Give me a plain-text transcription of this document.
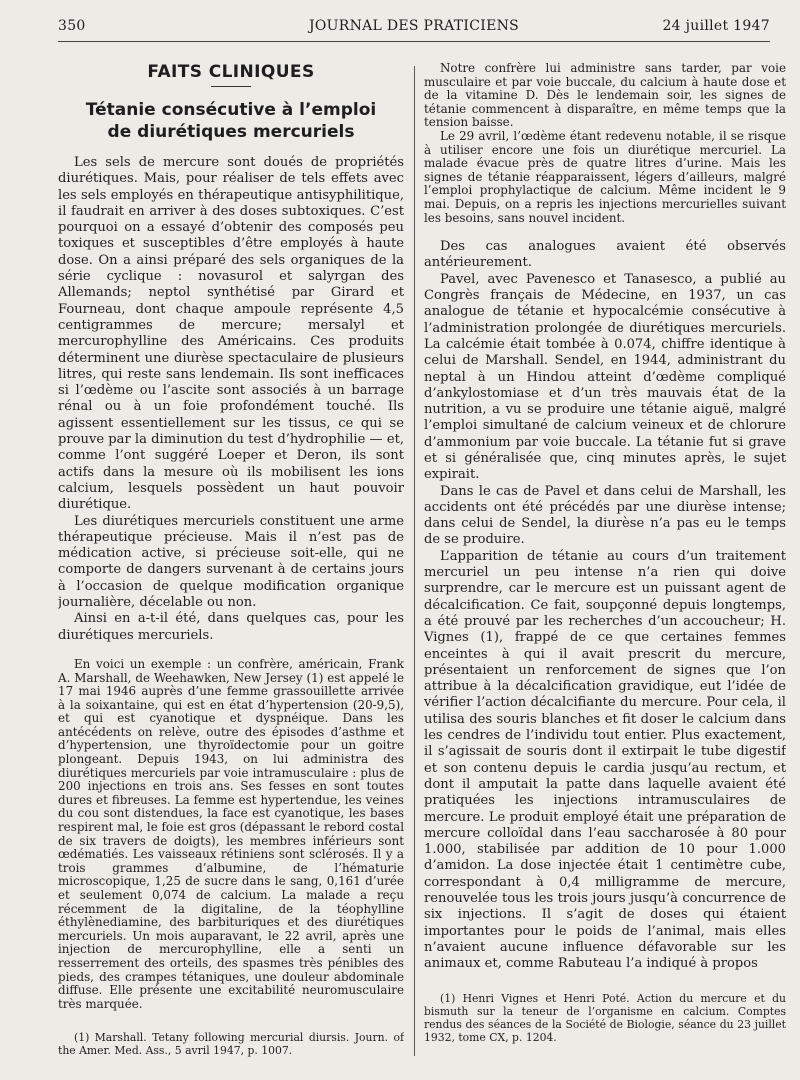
350	JOURNAL DES PRATICIENS	24 juillet 1947
FAITS CLINIQUES
Tétanie consécutive à l’emploi
de diurétiques mercuriels

Les sels de mercure sont doués de propriétés diurétiques. Mais, pour réaliser de tels effets avec les sels employés en thérapeutique antisyphilitique, il faudrait en arriver à des doses subtoxiques. C’est pourquoi on a essayé d’obtenir des composés peu toxiques et susceptibles d’être employés à haute dose. On a ainsi préparé des sels organiques de la série cyclique : novasurol et salyrgan des Allemands; neptol synthétisé par Girard et Fourneau, dont chaque ampoule représente 4,5 centigrammes de mercure; mersalyl et mercurophylline des Américains. Ces produits déterminent une diurèse spectaculaire de plusieurs litres, qui reste sans lendemain. Ils sont inefficaces si l’œdème ou l’ascite sont associés à un barrage rénal ou à un foie profondément touché. Ils agissent essentiellement sur les tissus, ce qui se prouve par la diminution du test d’hydrophilie — et, comme l’ont suggéré Loeper et Deron, ils sont actifs dans la mesure où ils mobilisent les ions calcium, lesquels possèdent un haut pouvoir diurétique.

Les diurétiques mercuriels constituent une arme thérapeutique précieuse. Mais il n’est pas de médication active, si précieuse soit-elle, qui ne comporte de dangers survenant à de certains jours à l’occasion de quelque modification organique journalière, décelable ou non.

Ainsi en a-t-il été, dans quelques cas, pour les diurétiques mercuriels.

En voici un exemple : un confrère, américain, Frank A. Marshall, de Weehawken, New Jersey (1) est appelé le 17 mai 1946 auprès d’une femme grassouillette arrivée à la soixantaine, qui est en état d’hypertension (20-9,5), et qui est cyanotique et dyspnéique. Dans les antécédents on relève, outre des épisodes d’asthme et d’hypertension, une thyroïdectomie pour un goitre plongeant. Depuis 1943, on lui administra des diurétiques mercuriels par voie intramusculaire : plus de 200 injections en trois ans. Ses fesses en sont toutes dures et fibreuses. La femme est hypertendue, les veines du cou sont distendues, la face est cyanotique, les bases respirent mal, le foie est gros (dépassant le rebord costal de six travers de doigts), les membres inférieurs sont œdématiés. Les vaisseaux rétiniens sont sclérosés. Il y a trois grammes d’albumine, de l’hématurie microscopique, 1,25 de sucre dans le sang, 0,161 d’urée et seulement 0,074 de calcium. La malade a reçu récemment de la digitaline, de la téophylline éthylènediamine, des barbituriques et des diurétiques mercuriels. Un mois auparavant, le 22 avril, après une injection de mercurophylline, elle a senti un resserrement des orteils, des spasmes très pénibles des pieds, des crampes tétaniques, une douleur abdominale diffuse. Elle présente une excitabilité neuromusculaire très marquée.

(1) Marshall. Tetany following mercurial diursis. Journ. of the Amer. Med. Ass., 5 avril 1947, p. 1007.

Notre confrère lui administre sans tarder, par voie musculaire et par voie buccale, du calcium à haute dose et de la vitamine D. Dès le lendemain soir, les signes de tétanie commencent à disparaître, en même temps que la tension baisse.

Le 29 avril, l’œdème étant redevenu notable, il se risque à utiliser encore une fois un diurétique mercuriel. La malade évacue près de quatre litres d’urine. Mais les signes de tétanie réapparaissent, légers d’ailleurs, malgré l’emploi prophylactique de calcium. Même incident le 9 mai. Depuis, on a repris les injections mercurielles suivant les besoins, sans nouvel incident.

Des cas analogues avaient été observés antérieurement.

Pavel, avec Pavenesco et Tanasesco, a publié au Congrès français de Médecine, en 1937, un cas analogue de tétanie et hypocalcémie consécutive à l’administration prolongée de diurétiques mercuriels. La calcémie était tombée à 0.074, chiffre identique à celui de Marshall. Sendel, en 1944, administrant du neptal à un Hindou atteint d’œdème compliqué d’ankylostomiase et d’un très mauvais état de la nutrition, a vu se produire une tétanie aiguë, malgré l’emploi simultané de calcium veineux et de chlorure d’ammonium par voie buccale. La tétanie fut si grave et si généralisée que, cinq minutes après, le sujet expirait.

Dans le cas de Pavel et dans celui de Marshall, les accidents ont été précédés par une diurèse intense; dans celui de Sendel, la diurèse n’a pas eu le temps de se produire.

L’apparition de tétanie au cours d’un traitement mercuriel un peu intense n’a rien qui doive surprendre, car le mercure est un puissant agent de décalcification. Ce fait, soupçonné depuis longtemps, a été prouvé par les recherches d’un accoucheur; H. Vignes (1), frappé de ce que certaines femmes enceintes à qui il avait prescrit du mercure, présentaient un renforcement de signes que l’on attribue à la décalcification gravidique, eut l’idée de vérifier l’action décalcifiante du mercure. Pour cela, il utilisa des souris blanches et fit doser le calcium dans les cendres de l’individu tout entier. Plus exactement, il s’agissait de souris dont il extirpait le tube digestif et son contenu depuis le cardia jusqu’au rectum, et dont il amputait la patte dans laquelle avaient été pratiquées les injections intramusculaires de mercure. Le produit employé était une préparation de mercure colloïdal dans l’eau saccharosée à 80 pour 1.000, stabilisée par addition de 10 pour 1.000 d’amidon. La dose injectée était 1 centimètre cube, correspondant à 0,4 milligramme de mercure, renouvelée tous les trois jours jusqu’à concurrence de six injections. Il s’agit de doses qui étaient importantes pour le poids de l’animal, mais elles n’avaient aucune influence défavorable sur les animaux et, comme Rabuteau l’a indiqué à propos

(1) Henri Vignes et Henri Poté. Action du mercure et du bismuth sur la teneur de l’organisme en calcium. Comptes rendus des séances de la Société de Biologie, séance du 23 juillet 1932, tome CX, p. 1204.
